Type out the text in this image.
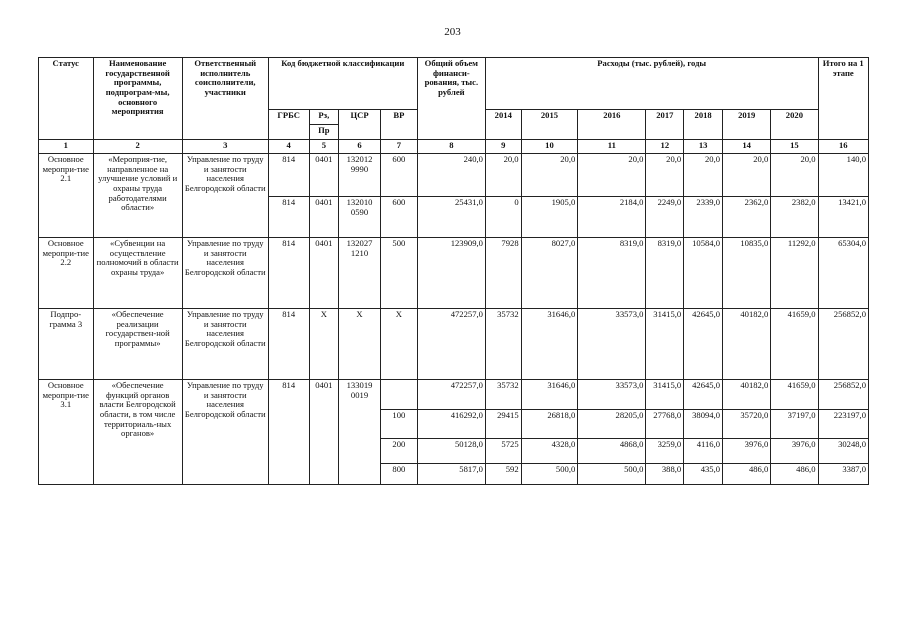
203
Статус	Наименование государственной программы, подпрограм-мы, основного мероприятия	Ответственный исполнитель соисполнители, участники	Код бюджетной классификации				Общий объем финанси-рования, тыс. рублей	Расходы (тыс. рублей), годы							Итого на 1 этапе
			ГРБС	Рз,	ЦСР	ВР		2014	2015	2016	2017	2018	2019	2020	
				Пр											
1	2	3	4	5	6	7	8	9	10	11	12	13	14	15	16
Основное меропри-тие 2.1	«Мероприя-тие, направленное на улучшение условий и охраны труда работодателями области»	Управление по труду и занятости населения Белгородской области	814	0401	132012 9990	600	240,0	20,0	20,0	20,0	20,0	20,0	20,0	20,0	140,0
			814	0401	132010 0590	600	25431,0	0	1905,0	2184,0	2249,0	2339,0	2362,0	2382,0	13421,0
Основное меропри-тие 2.2	«Субвенции на осуществление полномочий в области охраны труда»	Управление по труду и занятости населения Белгородской области	814	0401	132027 1210	500	123909,0	7928	8027,0	8319,0	8319,0	10584,0	10835,0	11292,0	65304,0
Подпро-грамма 3	«Обеспечение реализации государствен-ной программы»	Управление по труду и занятости населения Белгородской области	814	Х	Х	Х	472257,0	35732	31646,0	33573,0	31415,0	42645,0	40182,0	41659,0	256852,0
Основное меропри-тие 3.1	«Обеспечение функций органов власти Белгородской области, в том числе территориаль-ных органов»	Управление по труду и занятости населения Белгородской области	814	0401	133019 0019		472257,0	35732	31646,0	33573,0	31415,0	42645,0	40182,0	41659,0	256852,0
						100	416292,0	29415	26818,0	28205,0	27768,0	38094,0	35720,0	37197,0	223197,0
						200	50128,0	5725	4328,0	4868,0	3259,0	4116,0	3976,0	3976,0	30248,0
						800	5817,0	592	500,0	500,0	388,0	435,0	486,0	486,0	3387,0
